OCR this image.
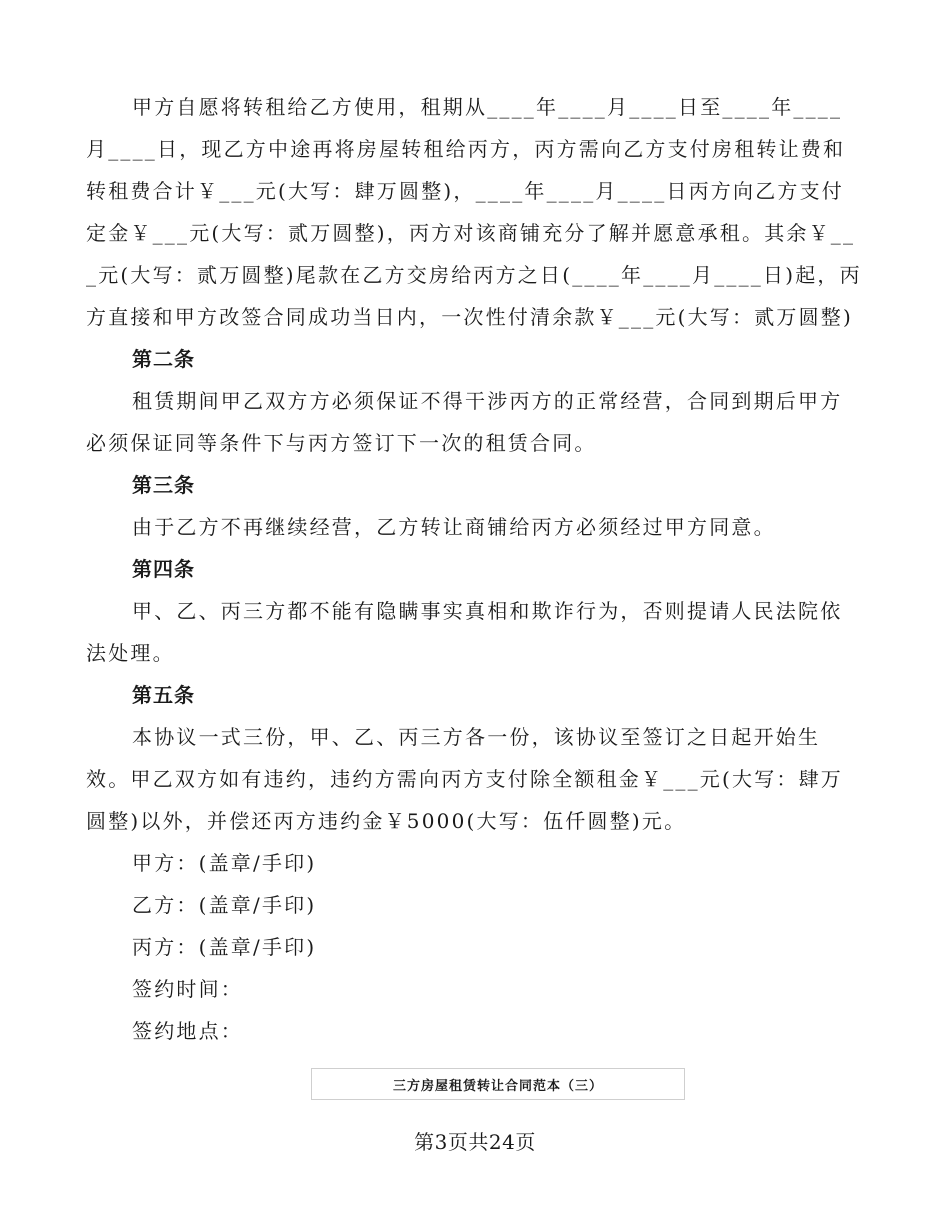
甲方自愿将转租给乙方使用，租期从____年____月____日至____年____月____日，现乙方中途再将房屋转租给丙方，丙方需向乙方支付房租转让费和转租费合计￥___元(大写：肆万圆整)，____年____月____日丙方向乙方支付定金￥___元(大写：贰万圆整)，丙方对该商铺充分了解并愿意承租。其余￥___元(大写：贰万圆整)尾款在乙方交房给丙方之日(____年____月____日)起，丙方直接和甲方改签合同成功当日内，一次性付清余款￥___元(大写：贰万圆整)

第二条

租赁期间甲乙双方方必须保证不得干涉丙方的正常经营，合同到期后甲方必须保证同等条件下与丙方签订下一次的租赁合同。

第三条

由于乙方不再继续经营，乙方转让商铺给丙方必须经过甲方同意。

第四条

甲、乙、丙三方都不能有隐瞒事实真相和欺诈行为，否则提请人民法院依法处理。

第五条

本协议一式三份，甲、乙、丙三方各一份，该协议至签订之日起开始生效。甲乙双方如有违约，违约方需向丙方支付除全额租金￥___元(大写：肆万圆整)以外，并偿还丙方违约金￥5000(大写：伍仟圆整)元。

甲方：(盖章/手印)

乙方：(盖章/手印)

丙方：(盖章/手印)

签约时间：

签约地点：

三方房屋租赁转让合同范本（三）
第3页共24页
